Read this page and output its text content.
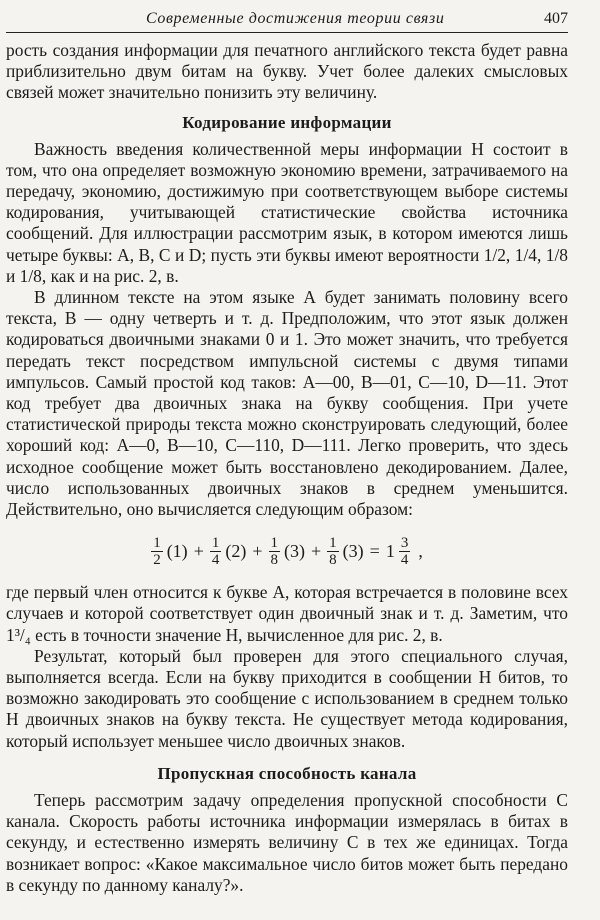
Современные достижения теории связи	407

рость создания информации для печатного английского текста будет равна приблизительно двум битам на букву. Учет более далеких смысловых связей может значительно понизить эту величину.

Кодирование информации

Важность введения количественной меры информации H состоит в том, что она определяет возможную экономию времени, затрачиваемого на передачу, экономию, достижимую при соответствующем выборе системы кодирования, учитывающей статистические свойства источника сообщений. Для иллюстрации рассмотрим язык, в котором имеются лишь четыре буквы: А, В, С и D; пусть эти буквы имеют вероятности 1/2, 1/4, 1/8 и 1/8, как и на рис. 2, в.

В длинном тексте на этом языке А будет занимать половину всего текста, В — одну четверть и т. д. Предположим, что этот язык должен кодироваться двоичными знаками 0 и 1. Это может значить, что требуется передать текст посредством импульсной системы с двумя типами импульсов. Самый простой код таков: А—00, В—01, С—10, D—11. Этот код требует два двоичных знака на букву сообщения. При учете статистической природы текста можно сконструировать следующий, более хороший код: А—0, В—10, С—110, D—111. Легко проверить, что здесь исходное сообщение может быть восстановлено декодированием. Далее, число использованных двоичных знаков в среднем уменьшится. Действительно, оно вычисляется следующим образом:

$\frac{1}{2} (1) + \frac{1}{4} (2) + \frac{1}{8} (3) + \frac{1}{8} (3) = 1 \frac{3}{4}$ ,

где первый член относится к букве А, которая встречается в половине всех случаев и которой соответствует один двоичный знак и т. д. Заметим, что 1³/₄ есть в точности значение H, вычисленное для рис. 2, в.

Результат, который был проверен для этого специального случая, выполняется всегда. Если на букву приходится в сообщении H битов, то возможно закодировать это сообщение с использованием в среднем только H двоичных знаков на букву текста. Не существует метода кодирования, который использует меньшее число двоичных знаков.

Пропускная способность канала

Теперь рассмотрим задачу определения пропускной способности C канала. Скорость работы источника информации измерялась в битах в секунду, и естественно измерять величину C в тех же единицах. Тогда возникает вопрос: «Какое максимальное число битов может быть передано в секунду по данному каналу?».
